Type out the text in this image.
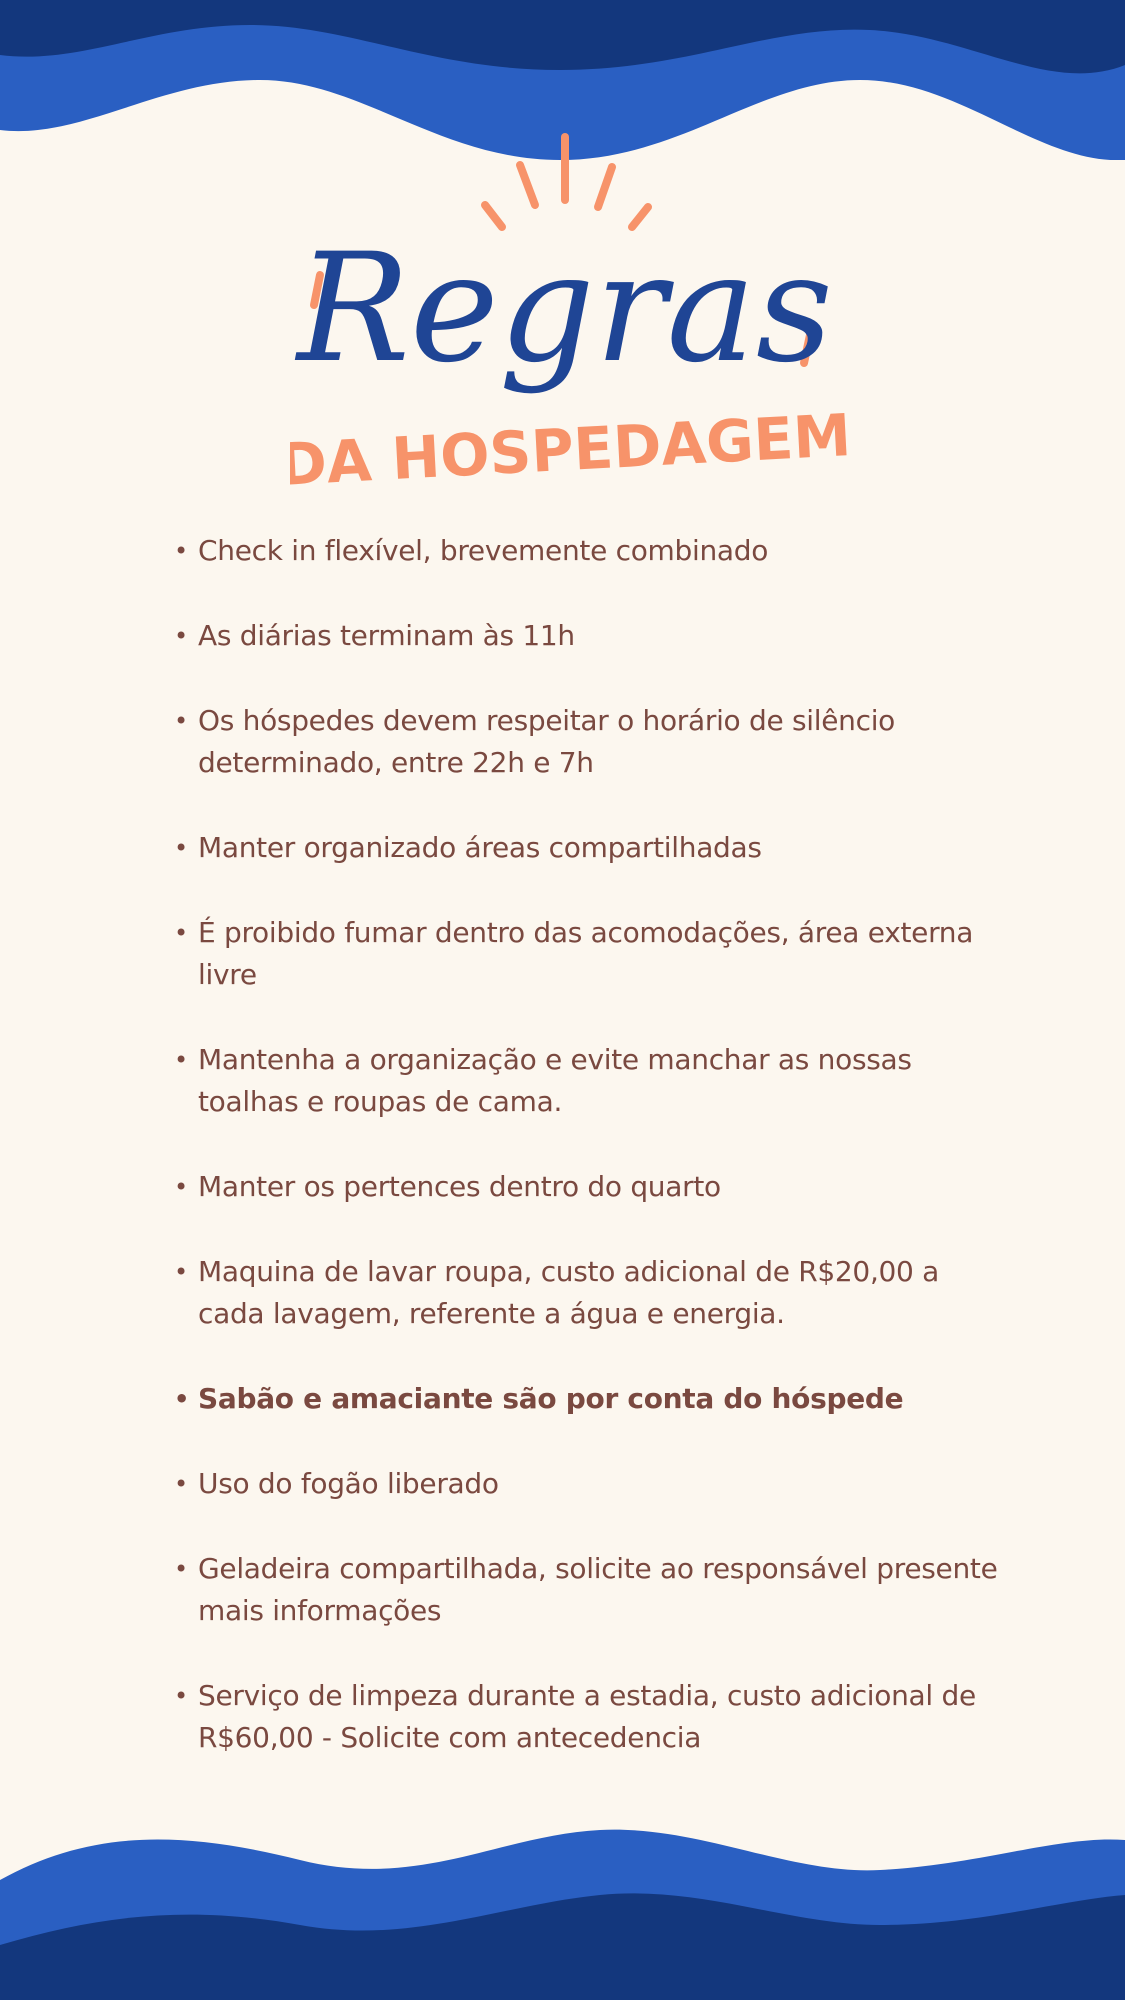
Regras
DA HOSPEDAGEM
• Check in flexível, brevemente combinado
• As diárias terminam às 11h
• Os hóspedes devem respeitar o horário de silêncio determinado, entre 22h e 7h
• Manter organizado áreas compartilhadas
• É proibido fumar dentro das acomodações, área externa livre
• Mantenha a organização e evite manchar as nossas toalhas e roupas de cama.
• Manter os pertences dentro do quarto
• Maquina de lavar roupa, custo adicional de R$20,00 a cada lavagem, referente a água e energia.
• Sabão e amaciante são por conta do hóspede
• Uso do fogão liberado
• Geladeira compartilhada, solicite ao responsável presente mais informações
• Serviço de limpeza durante a estadia, custo adicional de R$60,00 - Solicite com antecedencia
